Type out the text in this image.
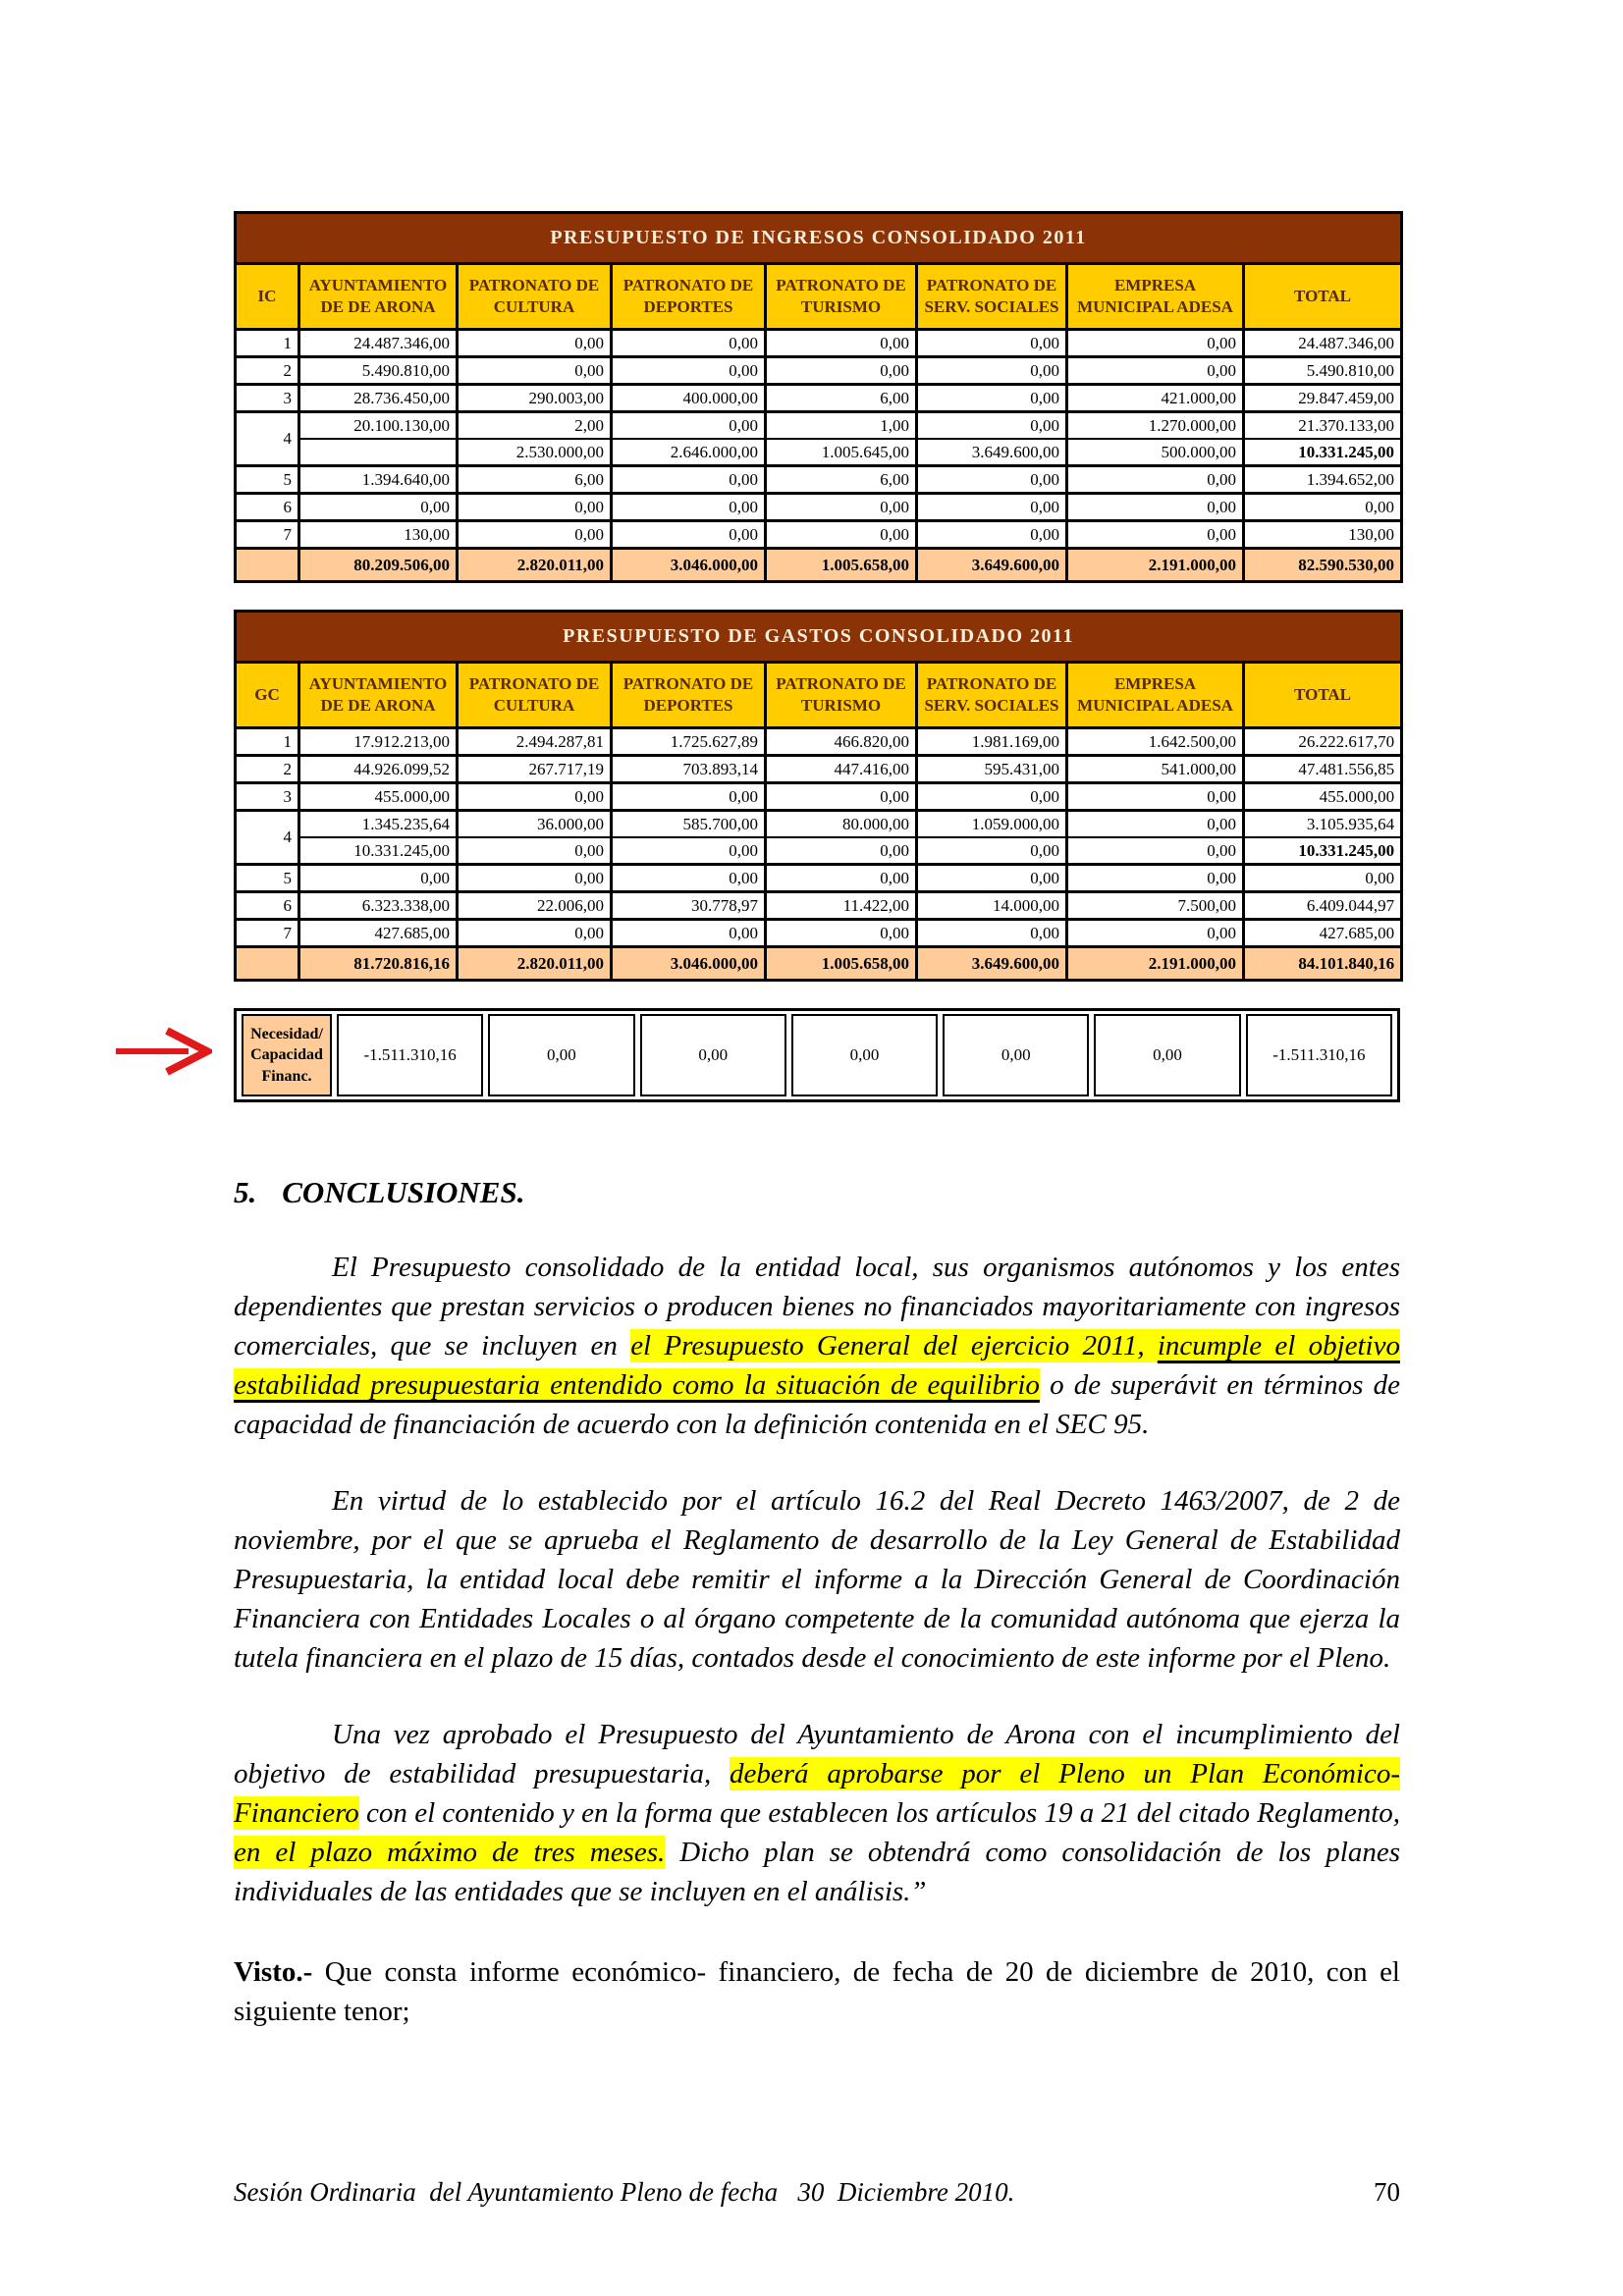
PRESUPUESTO DE INGRESOS CONSOLIDADO 2011							
IC	AYUNTAMIENTO DE DE ARONA	PATRONATO DE CULTURA	PATRONATO DE DEPORTES	PATRONATO DE TURISMO	PATRONATO DE SERV. SOCIALES	EMPRESA MUNICIPAL ADESA	TOTAL
1	24.487.346,00	0,00	0,00	0,00	0,00	0,00	24.487.346,00
2	5.490.810,00	0,00	0,00	0,00	0,00	0,00	5.490.810,00
3	28.736.450,00	290.003,00	400.000,00	6,00	0,00	421.000,00	29.847.459,00
4	20.100.130,00	2,00	0,00	1,00	0,00	1.270.000,00	21.370.133,00
		2.530.000,00	2.646.000,00	1.005.645,00	3.649.600,00	500.000,00	10.331.245,00
5	1.394.640,00	6,00	0,00	6,00	0,00	0,00	1.394.652,00
6	0,00	0,00	0,00	0,00	0,00	0,00	0,00
7	130,00	0,00	0,00	0,00	0,00	0,00	130,00
	80.209.506,00	2.820.011,00	3.046.000,00	1.005.658,00	3.649.600,00	2.191.000,00	82.590.530,00
PRESUPUESTO DE GASTOS CONSOLIDADO 2011							
GC	AYUNTAMIENTO DE DE ARONA	PATRONATO DE CULTURA	PATRONATO DE DEPORTES	PATRONATO DE TURISMO	PATRONATO DE SERV. SOCIALES	EMPRESA MUNICIPAL ADESA	TOTAL
1	17.912.213,00	2.494.287,81	1.725.627,89	466.820,00	1.981.169,00	1.642.500,00	26.222.617,70
2	44.926.099,52	267.717,19	703.893,14	447.416,00	595.431,00	541.000,00	47.481.556,85
3	455.000,00	0,00	0,00	0,00	0,00	0,00	455.000,00
4	1.345.235,64	36.000,00	585.700,00	80.000,00	1.059.000,00	0,00	3.105.935,64
	10.331.245,00	0,00	0,00	0,00	0,00	0,00	10.331.245,00
5	0,00	0,00	0,00	0,00	0,00	0,00	0,00
6	6.323.338,00	22.006,00	30.778,97	11.422,00	14.000,00	7.500,00	6.409.044,97
7	427.685,00	0,00	0,00	0,00	0,00	0,00	427.685,00
	81.720.816,16	2.820.011,00	3.046.000,00	1.005.658,00	3.649.600,00	2.191.000,00	84.101.840,16
Necesidad/
Capacidad
Financ.
	-1.511.310,16	0,00	0,00	0,00	0,00	0,00	-1.511.310,16
5. CONCLUSIONES.

El Presupuesto consolidado de la entidad local, sus organismos autónomos y los entes dependientes que prestan servicios o producen bienes no financiados mayoritariamente con ingresos comerciales, que se incluyen en el Presupuesto General del ejercicio 2011, incumple el objetivo estabilidad presupuestaria entendido como la situación de equilibrio o de superávit en términos de capacidad de financiación de acuerdo con la definición contenida en el SEC 95.

En virtud de lo establecido por el artículo 16.2 del Real Decreto 1463/2007, de 2 de noviembre, por el que se aprueba el Reglamento de desarrollo de la Ley General de Estabilidad Presupuestaria, la entidad local debe remitir el informe a la Dirección General de Coordinación Financiera con Entidades Locales o al órgano competente de la comunidad autónoma que ejerza la tutela financiera en el plazo de 15 días, contados desde el conocimiento de este informe por el Pleno.

Una vez aprobado el Presupuesto del Ayuntamiento de Arona con el incumplimiento del objetivo de estabilidad presupuestaria, deberá aprobarse por el Pleno un Plan Económico-Financiero con el contenido y en la forma que establecen los artículos 19 a 21 del citado Reglamento, en el plazo máximo de tres meses. Dicho plan se obtendrá como consolidación de los planes individuales de las entidades que se incluyen en el análisis.”

Visto.- Que consta informe económico- financiero, de fecha de 20 de diciembre de 2010, con el siguiente tenor;

Sesión Ordinaria  del Ayuntamiento Pleno de fecha   30  Diciembre 2010.	70
